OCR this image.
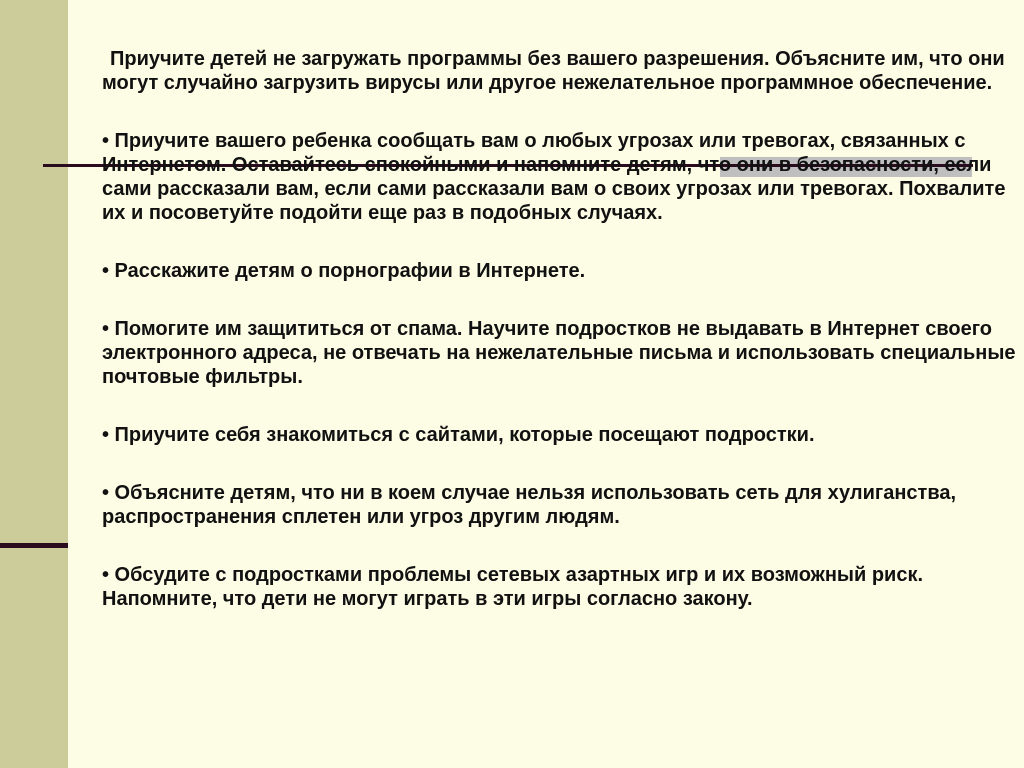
Приучите детей не загружать программы без вашего разрешения. Объясните им, что они могут случайно загрузить вирусы или другое нежелательное программное обеспечение.

• Приучите вашего ребенка сообщать вам о любых угрозах или тревогах, связанных с Интернетом. Оставайтесь спокойными и напомните детям, что они в безопасности, если сами рассказали вам, если сами рассказали вам о своих угрозах или тревогах. Похвалите их и посоветуйте подойти еще раз в подобных случаях.

• Расскажите детям о порнографии в Интернете.

• Помогите им защититься от спама. Научите подростков не выдавать в Интернет своего электронного адреса, не отвечать на нежелательные письма и использовать специальные почтовые фильтры.

• Приучите себя знакомиться с сайтами, которые посещают подростки.

• Объясните детям, что ни в коем случае нельзя использовать сеть для хулиганства, распространения сплетен или угроз другим людям.

• Обсудите с подростками проблемы сетевых азартных игр и их возможный риск. Напомните, что дети не могут играть в эти игры согласно закону.
